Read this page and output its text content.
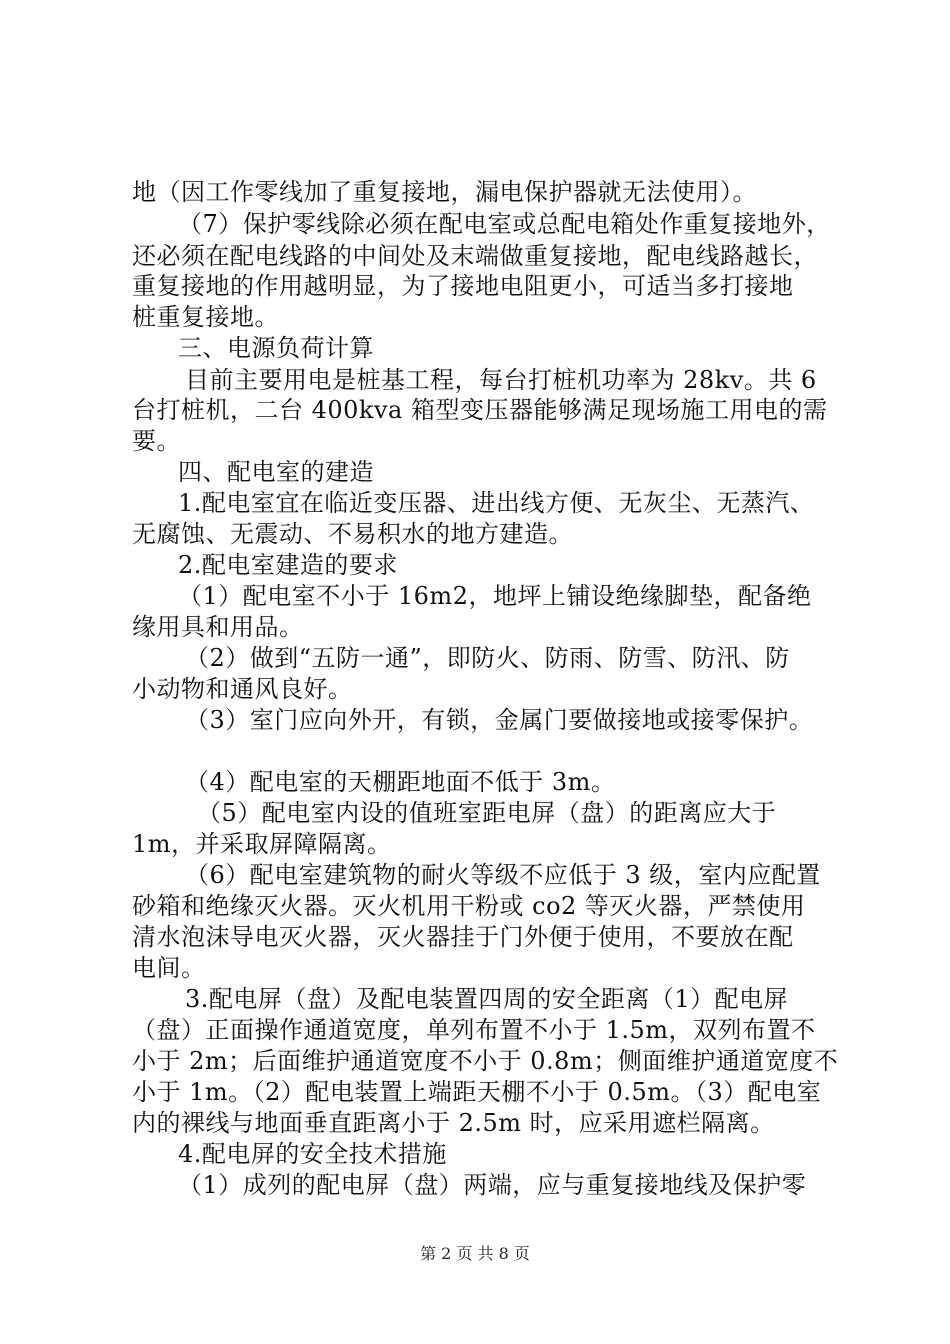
地（因工作零线加了重复接地，漏电保护器就无法使用）。
（7）保护零线除必须在配电室或总配电箱处作重复接地外，
还必须在配电线路的中间处及末端做重复接地，配电线路越长，
重复接地的作用越明显，为了接地电阻更小，可适当多打接地
桩重复接地。
三、电源负荷计算
目前主要用电是桩基工程，每台打桩机功率为 28kv。共 6
台打桩机，二台 400kva 箱型变压器能够满足现场施工用电的需
要。
四、配电室的建造
1.配电室宜在临近变压器、进出线方便、无灰尘、无蒸汽、
无腐蚀、无震动、不易积水的地方建造。
2.配电室建造的要求
（1）配电室不小于 16m2，地坪上铺设绝缘脚垫，配备绝
缘用具和用品。
（2）做到“五防一通”，即防火、防雨、防雪、防汛、防
小动物和通风良好。
（3）室门应向外开，有锁，金属门要做接地或接零保护。
（4）配电室的天棚距地面不低于 3m。
（5）配电室内设的值班室距电屏（盘）的距离应大于
1m，并采取屏障隔离。
（6）配电室建筑物的耐火等级不应低于 3 级，室内应配置
砂箱和绝缘灭火器。灭火机用干粉或 co2 等灭火器，严禁使用
清水泡沫导电灭火器，灭火器挂于门外便于使用，不要放在配
电间。
3.配电屏（盘）及配电装置四周的安全距离（1）配电屏
（盘）正面操作通道宽度，单列布置不小于 1.5m，双列布置不
小于 2m；后面维护通道宽度不小于 0.8m；侧面维护通道宽度不
小于 1m。（2）配电装置上端距天棚不小于 0.5m。（3）配电室
内的裸线与地面垂直距离小于 2.5m 时，应采用遮栏隔离。
4.配电屏的安全技术措施
（1）成列的配电屏（盘）两端，应与重复接地线及保护零
第 2 页 共 8 页
